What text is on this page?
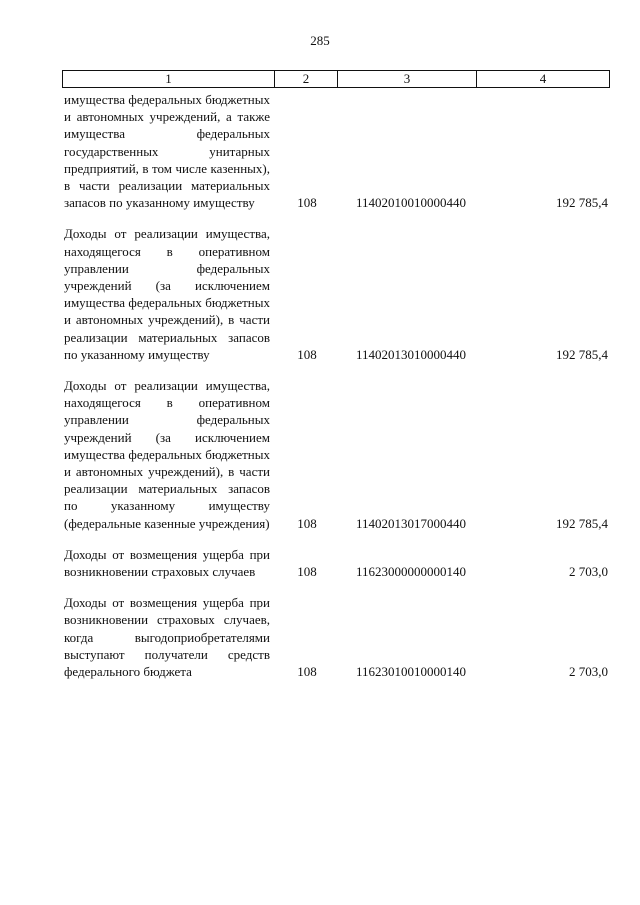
285
1	2	3	4
имущества федеральных бюджетных и автономных учреждений, а также имущества федеральных государственных унитарных предприятий, в том числе казенных), в части реализации материальных запасов по указанному имуществу	108	11402010010000440	192 785,4
Доходы от реализации имущества, находящегося в оперативном управлении федеральных учреждений (за исключением имущества федеральных бюджетных и автономных учреждений), в части реализации материальных запасов по указанному имуществу	108	11402013010000440	192 785,4
Доходы от реализации имущества, находящегося в оперативном управлении федеральных учреждений (за исключением имущества федеральных бюджетных и автономных учреждений), в части реализации материальных запасов по указанному имуществу (федеральные казенные учреждения)	108	11402013017000440	192 785,4
Доходы от возмещения ущерба при возникновении страховых случаев	108	11623000000000140	2 703,0
Доходы от возмещения ущерба при возникновении страховых случаев, когда выгодоприобретателями выступают получатели средств федерального бюджета	108	11623010010000140	2 703,0
